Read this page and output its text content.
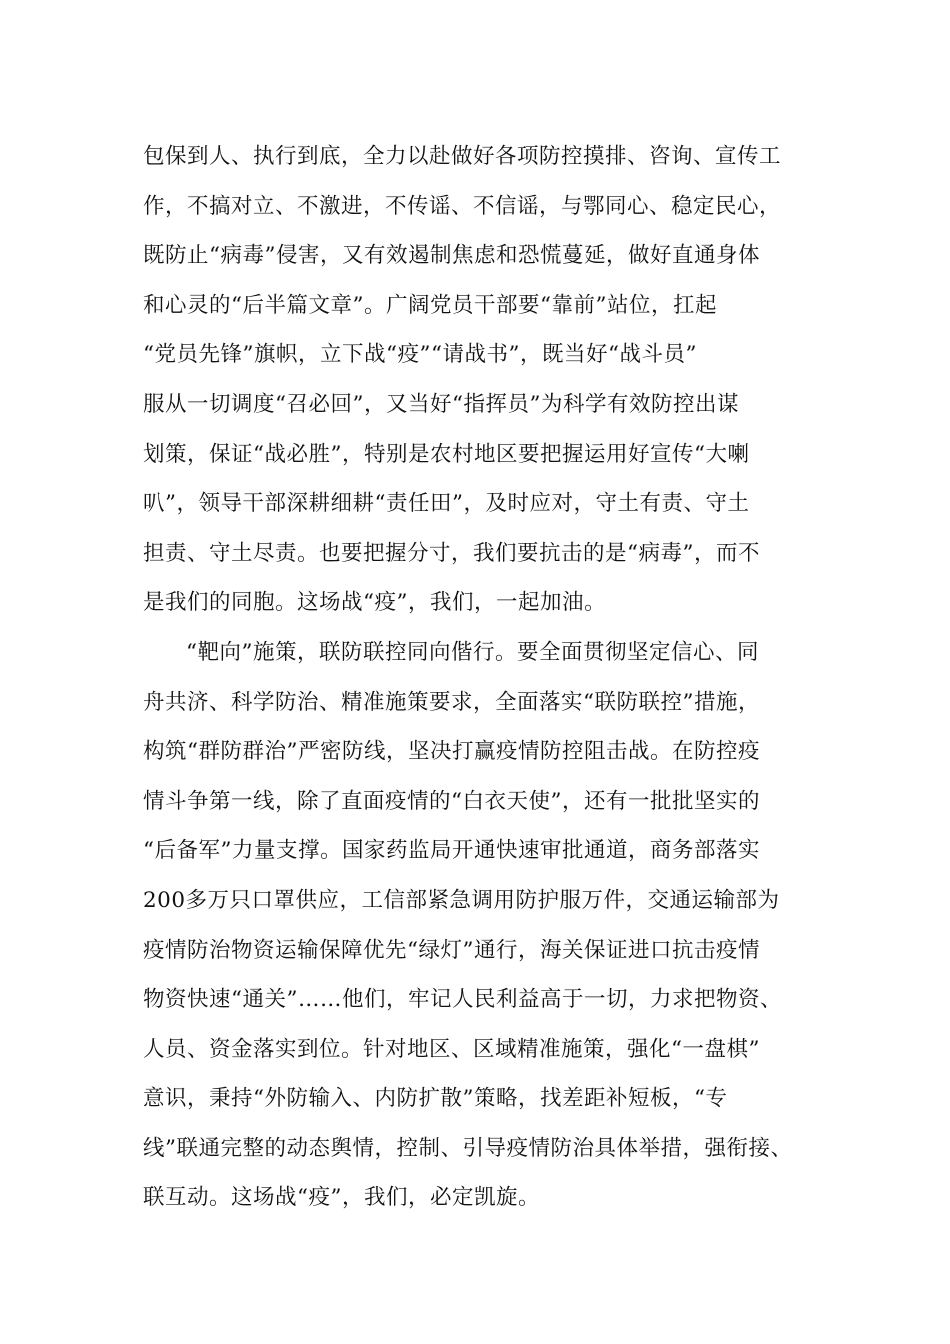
包保到人、执行到底，全力以赴做好各项防控摸排、咨询、宣传工
作，不搞对立、不激进，不传谣、不信谣，与鄂同心、稳定民心，
既防止“病毒”侵害，又有效遏制焦虑和恐慌蔓延，做好直通身体
和心灵的“后半篇文章”。广阔党员干部要“靠前”站位，扛起
“党员先锋”旗帜，立下战“疫”“请战书”，既当好“战斗员”
服从一切调度“召必回”，又当好“指挥员”为科学有效防控出谋
划策，保证“战必胜”，特别是农村地区要把握运用好宣传“大喇
叭”，领导干部深耕细耕“责任田”，及时应对，守土有责、守土
担责、守土尽责。也要把握分寸，我们要抗击的是“病毒”，而不
是我们的同胞。这场战“疫”，我们，一起加油。

“靶向”施策，联防联控同向偕行。要全面贯彻坚定信心、同
舟共济、科学防治、精准施策要求，全面落实“联防联控”措施，
构筑“群防群治”严密防线，坚决打赢疫情防控阻击战。在防控疫
情斗争第一线，除了直面疫情的“白衣天使”，还有一批批坚实的
“后备军”力量支撑。国家药监局开通快速审批通道，商务部落实
200多万只口罩供应，工信部紧急调用防护服万件，交通运输部为
疫情防治物资运输保障优先“绿灯”通行，海关保证进口抗击疫情
物资快速“通关”……他们，牢记人民利益高于一切，力求把物资、
人员、资金落实到位。针对地区、区域精准施策，强化“一盘棋”
意识，秉持“外防输入、内防扩散”策略，找差距补短板，“专
线”联通完整的动态舆情，控制、引导疫情防治具体举措，强衔接、
联互动。这场战“疫”，我们，必定凯旋。
